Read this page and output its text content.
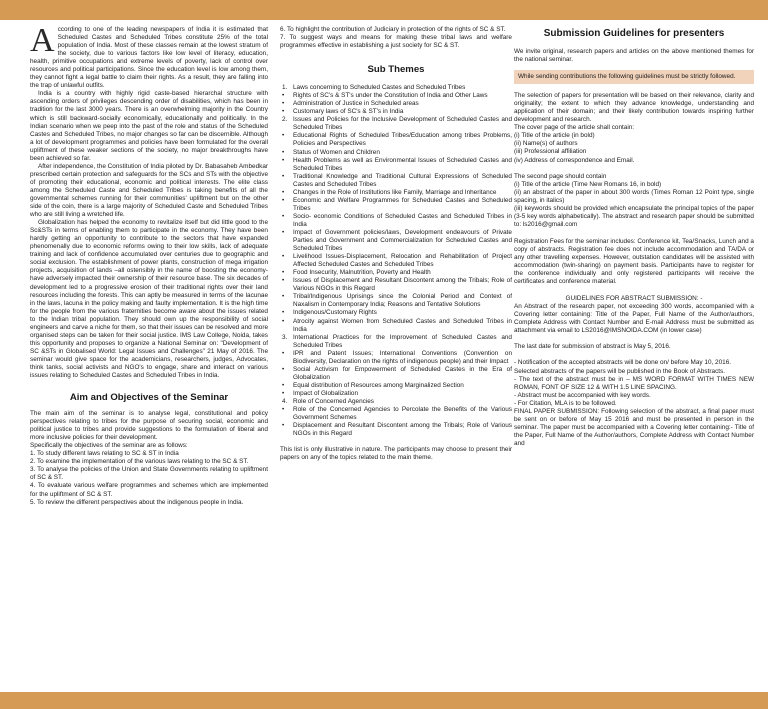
According to one of the leading newspapers of India it is estimated that Scheduled Castes and Scheduled Tribes constitute 25% of the total population of India. Most of these classes remain at the lowest stratum of the society, due to various factors like low level of literacy, education, health, primitive occupations and extreme levels of poverty, lack of control over resources and political participations. Since the education level is low among them, they cannot fight a legal battle to claim their rights. As a result, they are falling into the trap of unlawful outfits.

India is a country with highly rigid caste-based hierarchal structure with ascending orders of privileges descending order of disabilities, which has been in tradition for the last 3000 years. There is an overwhelming majority in the Country which is still backward-socially economically, educationally and politically. In the Indian scenario when we peep into the past of the role and status of the Scheduled Castes and Scheduled Tribes, no major changes so far can be discernible. Although a lot of development programmes and policies have been formulated for the overall upliftment of these weaker sections of the society, no major breakthroughs have been achieved so far.

After independence, the Constitution of India piloted by Dr. Babasaheb Ambedkar prescribed certain protection and safeguards for the SCs and STs with the objective of promoting their educational, economic and political interests. The elite class among the Scheduled Caste and Scheduled Tribes is taking benefits of all the governmental schemes running for their communities' upliftment but on the other side of the coin, there is a large majority of Scheduled Caste and Scheduled Tribes who are still living a wretched life.

Globalization has helped the economy to revitalize itself but did little good to the Sc&STs in terms of enabling them to participate in the economy. They have been hardly getting an opportunity to contribute to the sectors that have expanded phenomenally due to economic reforms owing to their low skills, lack of adequate training and lack of confidence accumulated over centuries due to geographic and social exclusion. The establishment of power plants, construction of mega irrigation projects, acquisition of lands –all ostensibly in the name of boosting the economy- have adversely impacted their ownership of their resource base. The six decades of development led to a progressive erosion of their traditional rights over their land resources including the forests. This can aptly be measured in terms of the lacunae in the laws, lacuna in the policy making and faulty implementation. It is the high time for the people from the various fraternities become aware about the issues related to the Indian tribal population. They should own up the responsibility of social engineers and carve a niche for them, so that their issues can be resolved and more organised steps can be taken for their social justice. IMS Law College, Noida, takes this opportunity and proposes to organize a National Seminar on: "Development of SC &STs in Globalised World: Legal Issues and Challenges" 21 May of 2016. The seminar would give space for the academicians, researchers, judges, Advocates, think tanks, social activists and NGO's to engage, share and interact on various issues relating to Scheduled Castes and Scheduled Tribes in India.

Aim and Objectives of the Seminar

The main aim of the seminar is to analyse legal, constitutional and policy perspectives relating to tribes for the purpose of securing social, economic and political justice to tribes and provide suggestions to the formulation of liberal and more inclusive policies for their development.

Specifically the objectives of the seminar are as follows:

1. To study different laws relating to SC & ST in India

2. To examine the implementation of the various laws relating to the SC & ST.

3. To analyse the policies of the Union and State Governments relating to upliftment of SC & ST.

4. To evaluate various welfare programmes and schemes which are implemented for the upliftment of SC & ST.

5. To review the different perspectives about the indigenous people in India.

6. To highlight the contribution of Judiciary in protection of the rights of SC & ST.

7. To suggest ways and means for making these tribal laws and welfare programmes effective in establishing a just society for SC & ST.

Sub Themes
1. Laws concerning to Scheduled Castes and Scheduled Tribes
• Rights of SC's & ST's under the Constitution of India and Other Laws
• Administration of Justice in Scheduled areas
• Customary laws of SC's & ST's in India
2. Issues and Policies for the Inclusive Development of Scheduled Castes and Scheduled Tribes
• Educational Rights of Scheduled Tribes/Education among tribes Problems, Policies and Perspectives
• Status of Women and Children
• Health Problems as well as Environmental Issues of Scheduled Castes and Scheduled Tribes
• Traditional Knowledge and Traditional Cultural Expressions of Scheduled Castes and Scheduled Tribes
• Changes in the Role of Institutions like Family, Marriage and Inheritance
• Economic and Welfare Programmes for Scheduled Castes and Scheduled Tribes
• Socio- economic Conditions of Scheduled Castes and Scheduled Tribes in India
• Impact of Government policies/laws, Development endeavours of Private Parties and Government and Commercialization for Scheduled Castes and Scheduled Tribes
• Livelihood Issues-Displacement, Relocation and Rehabilitation of Project Affected Scheduled Castes and Scheduled Tribes
• Food Insecurity, Malnutrition, Poverty and Health
• Issues of Displacement and Resultant Discontent among the Tribals; Role of Various NGOs in this Regard
• Tribal/Indigenous Uprisings since the Colonial Period and Context of Naxalism in Contemporary India; Reasons and Tentative Solutions
• Indigenous/Customary Rights
• Atrocity against Women from Scheduled Castes and Scheduled Tribes in India
3. International Practices for the Improvement of Scheduled Castes and Scheduled Tribes
• IPR and Patent Issues; International Conventions (Convention on Biodiversity, Declaration on the rights of indigenous people) and their Impact
• Social Activism for Empowerment of Scheduled Castes in the Era of Globalization
• Equal distribution of Resources among Marginalized Section
• Impact of Globalization
4. Role of Concerned Agencies
• Role of the Concerned Agencies to Percolate the Benefits of the Various Government Schemes
• Displacement and Resultant Discontent among the Tribals; Role of Various NGOs in this Regard

This list is only illustrative in nature. The participants may choose to present their papers on any of the topics related to the main theme.

Submission Guidelines for presenters

We invite original, research papers and articles on the above mentioned themes for the national seminar.

While sending contributions the following guidelines must be strictly followed.

The selection of papers for presentation will be based on their relevance, clarity and originality; the extent to which they advance knowledge, understanding and application of their domain; and their likely contribution towards inspiring further development and research.

The cover page of the article shall contain:

(i) Title of the article (in bold)

(ii) Name(s) of authors

(iii) Professional affiliation

(iv) Address of correspondence and Email.

The second page should contain

(i) Title of the article (Time New Romans 16, in bold)

(ii) an abstract of the paper in about 300 words (Times Roman 12 Point type, single spacing, in italics)

(iii) keywords should be provided which encapsulate the principal topics of the paper (3-5 key words alphabetically). The abstract and research paper should be submitted to: ls2016@gmail.com

Registration Fees for the seminar includes: Conference kit, Tea/Snacks, Lunch and a copy of abstracts. Registration fee does not include accommodation and TA/DA or any other travelling expenses. However, outstation candidates will be assisted with accommodation (twin-sharing) on payment basis. Participants have to register for the conference individually and only registered participants will receive the certificates and conference material.

GUIDELINES FOR ABSTRACT SUBMISSION: -

An Abstract of the research paper, not exceeding 300 words, accompanied with a Covering letter containing: Title of the Paper, Full Name of the Author/authors, Complete Address with Contact Number and E-mail Address must be submitted as attachment via email to LS2016@IMSNOIDA.COM (in lower case)

The last date for submission of abstract is May 5, 2016.

- Notification of the accepted abstracts will be done on/ before May 10, 2016.

Selected abstracts of the papers will be published in the Book of Abstracts.

- The text of the abstract must be in – MS WORD FORMAT WITH TIMES NEW ROMAN, FONT OF SIZE 12 & WITH 1.5 LINE SPACING.

- Abstract must be accompanied with key words.

- For Citation, MLA is to be followed.

FINAL PAPER SUBMISSION: Following selection of the abstract, a final paper must be sent on or before of May 15 2016 and must be presented in person in the seminar. The paper must be accompanied with a Covering letter containing:- Title of the Paper, Full Name of the Author/authors, Complete Address with Contact Number and
